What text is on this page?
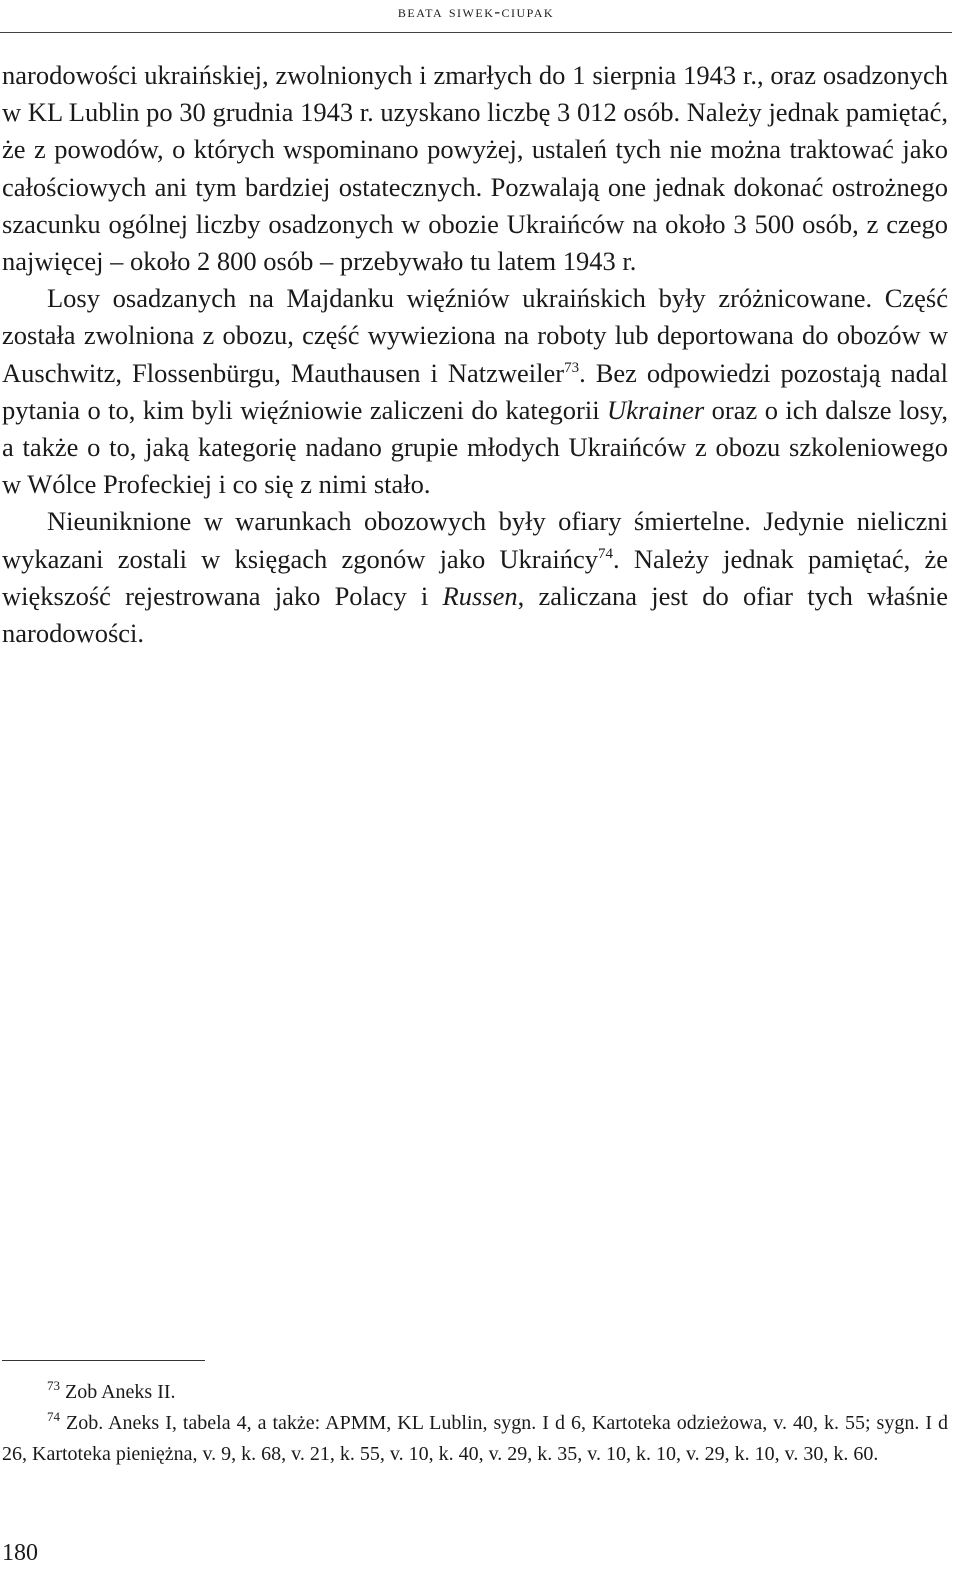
beata siwek-ciupak

narodowości ukraińskiej, zwolnionych i zmarłych do 1 sierpnia 1943 r., oraz osadzonych w KL Lublin po 30 grudnia 1943 r. uzyskano liczbę 3 012 osób. Należy jednak pamiętać, że z powodów, o których wspominano powyżej, ustaleń tych nie można traktować jako całościowych ani tym bardziej ostatecznych. Pozwalają one jednak dokonać ostrożnego szacunku ogólnej liczby osadzonych w obozie Ukraińców na około 3 500 osób, z czego najwięcej – około 2 800 osób – przebywało tu latem 1943 r.

Losy osadzanych na Majdanku więźniów ukraińskich były zróżnicowane. Część została zwolniona z obozu, część wywieziona na roboty lub deportowana do obozów w Auschwitz, Flossenbürgu, Mauthausen i Natzweiler$^{73}$. Bez odpowiedzi pozostają nadal pytania o to, kim byli więźniowie zaliczeni do kategorii Ukrainer oraz o ich dalsze losy, a także o to, jaką kategorię nadano grupie młodych Ukraińców z obozu szkoleniowego w Wólce Profeckiej i co się z nimi stało.

Nieuniknione w warunkach obozowych były ofiary śmiertelne. Jedynie nieliczni wykazani zostali w księgach zgonów jako Ukraińcy$^{74}$. Należy jednak pamiętać, że większość rejestrowana jako Polacy i Russen, zaliczana jest do ofiar tych właśnie narodowości.

$^{73}$ Zob Aneks II.

$^{74}$ Zob. Aneks I, tabela 4, a także: APMM, KL Lublin, sygn. I d 6, Kartoteka odzieżowa, v. 40, k. 55; sygn. I d 26, Kartoteka pieniężna, v. 9, k. 68, v. 21, k. 55, v. 10, k. 40, v. 29, k. 35, v. 10, k. 10, v. 29, k. 10, v. 30, k. 60.

180
